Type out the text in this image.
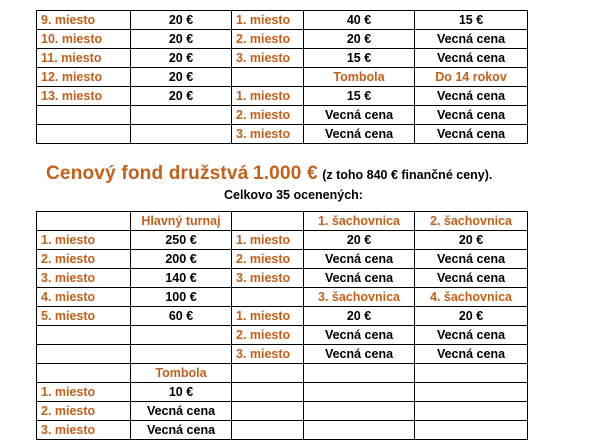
9. miesto	20 €	1. miesto	40 €	15 €
10. miesto	20 €	2. miesto	20 €	Vecná cena
11. miesto	20 €	3. miesto	15 €	Vecná cena
12. miesto	20 €		Tombola	Do 14 rokov
13. miesto	20 €	1. miesto	15 €	Vecná cena
		2. miesto	Vecná cena	Vecná cena
		3. miesto	Vecná cena	Vecná cena
Cenový fond družstvá 1.000 € (z toho 840 € finančné ceny).
Celkovo 35 ocenených:
	Hlavný turnaj		1. šachovnica	2. šachovnica
1. miesto	250 €	1. miesto	20 €	20 €
2. miesto	200 €	2. miesto	Vecná cena	Vecná cena
3. miesto	140 €	3. miesto	Vecná cena	Vecná cena
4. miesto	100 €		3. šachovnica	4. šachovnica
5. miesto	60 €	1. miesto	20 €	20 €
		2. miesto	Vecná cena	Vecná cena
		3. miesto	Vecná cena	Vecná cena
	Tombola			
1. miesto	10 €			
2. miesto	Vecná cena			
3. miesto	Vecná cena			
